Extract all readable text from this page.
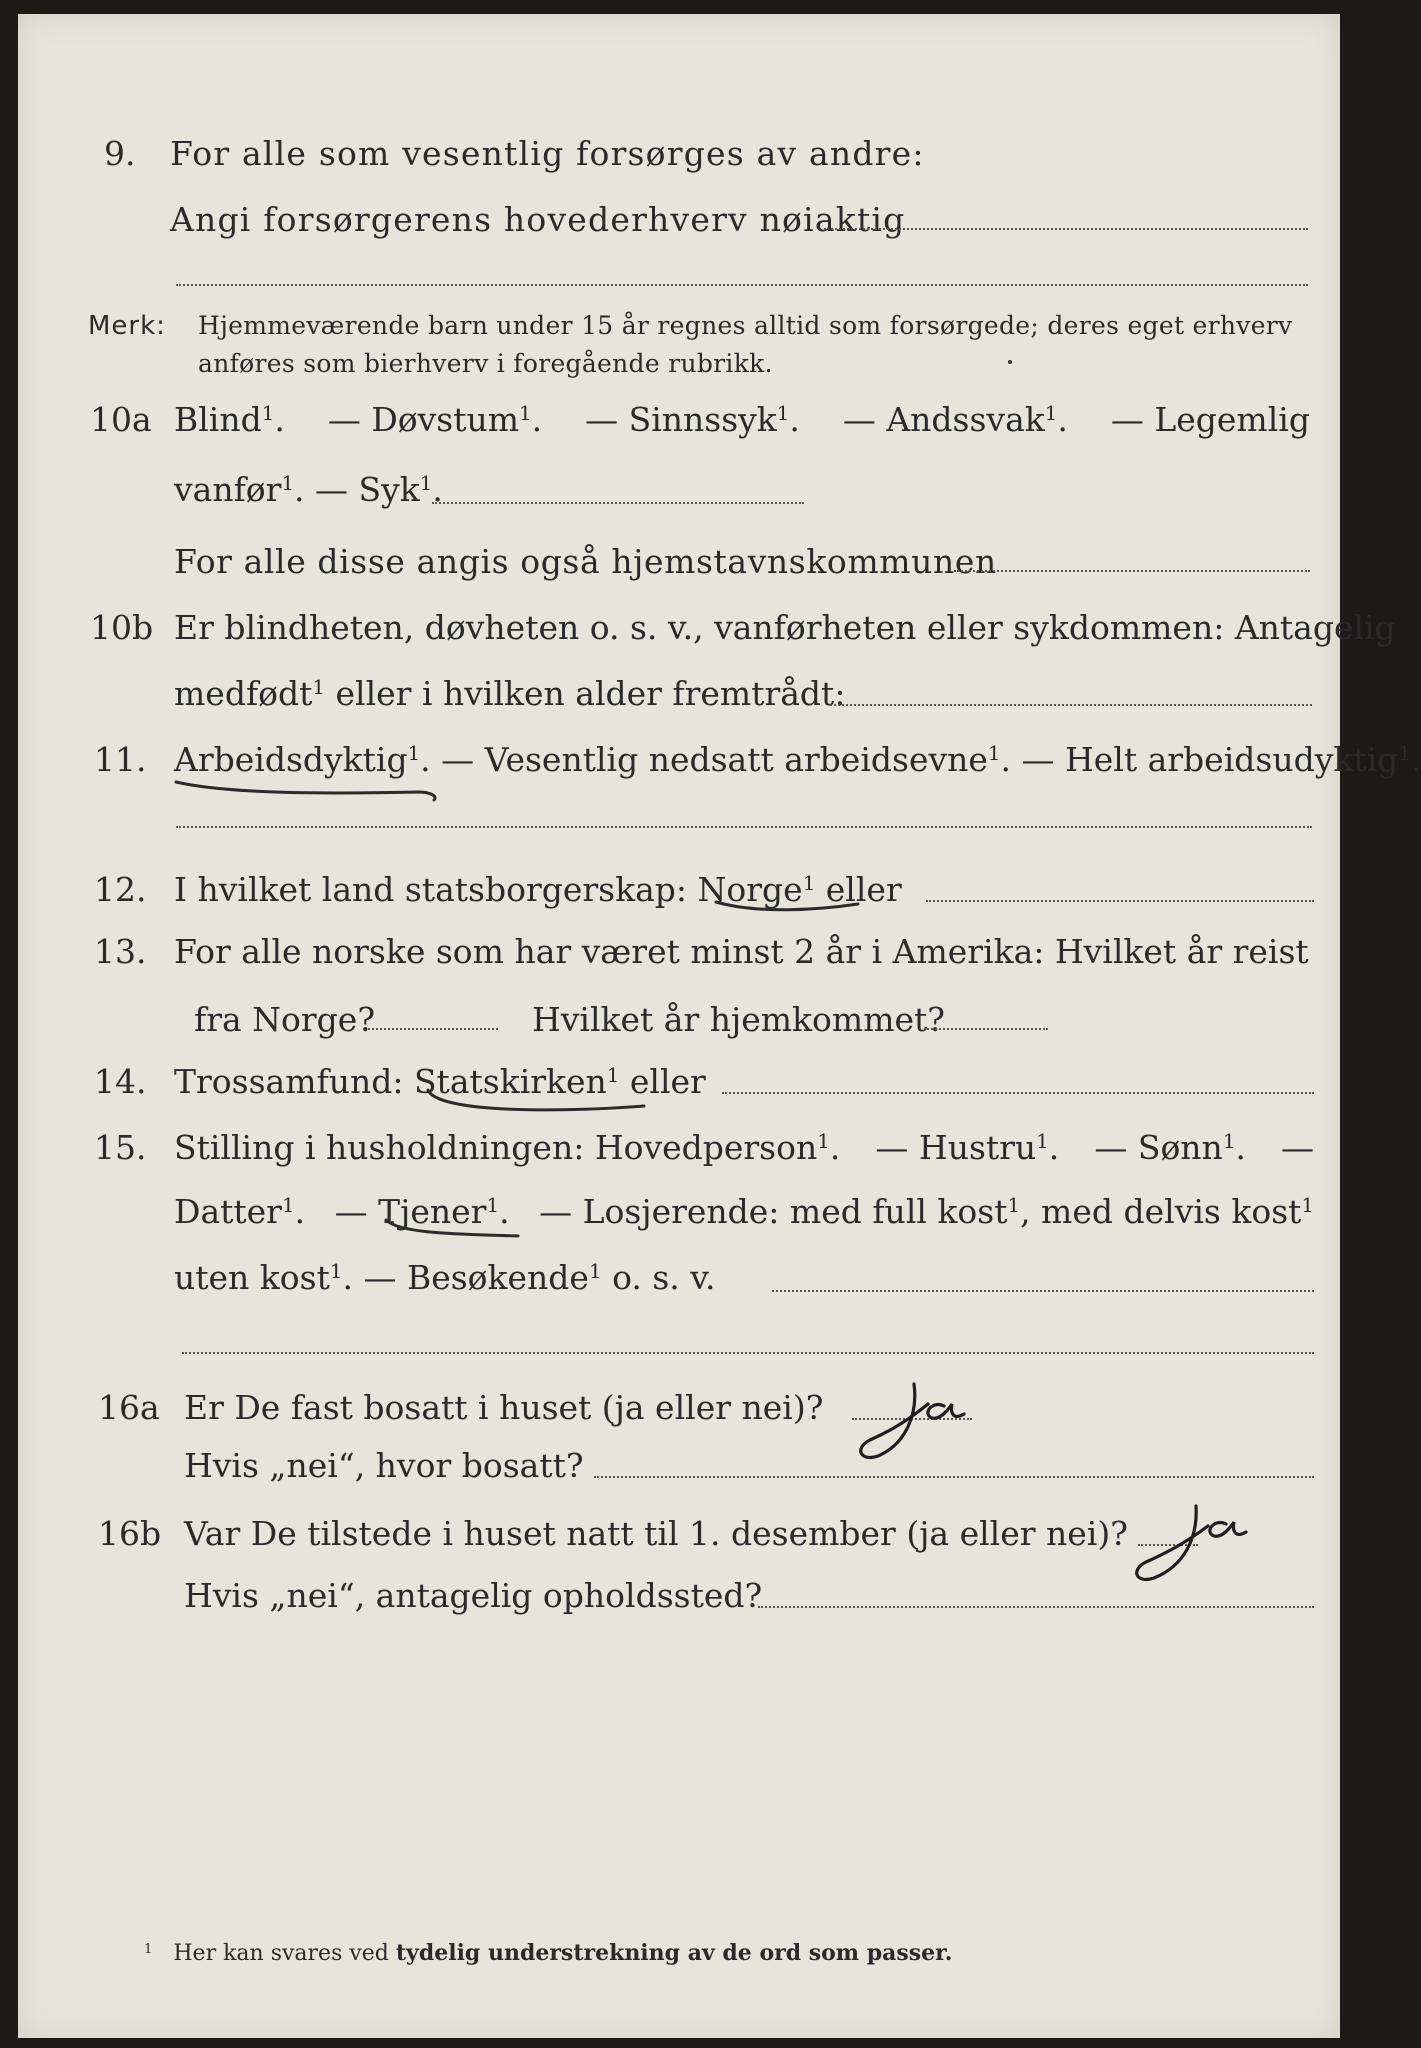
9. For alle som vesentlig forsørges av andre:
Angi forsørgerens hovederhverv nøiaktig
Merk: Hjemmeværende barn under 15 år regnes alltid som forsørgede; deres eget erhverv
anføres som bierhverv i foregående rubrikk.
10a Blind$^1$. — Døvstum$^1$. — Sinnssyk$^1$. — Andssvak$^1$. — Legemlig
vanfør$^1$. — Syk$^1$.
For alle disse angis også hjemstavnskommunen
10b Er blindheten, døvheten o. s. v., vanførheten eller sykdommen: Antagelig
medfødt$^1$ eller i hvilken alder fremtrådt:
11. Arbeidsdyktig$^1$. — Vesentlig nedsatt arbeidsevne$^1$. — Helt arbeidsudyktig$^1$.
12. I hvilket land statsborgerskap: Norge$^1$ eller
13. For alle norske som har været minst 2 år i Amerika: Hvilket år reist
fra Norge?	Hvilket år hjemkommet?
14. Trossamfund: Statskirken$^1$ eller
15. Stilling i husholdningen: Hovedperson$^1$. — Hustru$^1$. — Sønn$^1$. —
Datter$^1$. — Tjener$^1$. — Losjerende: med full kost$^1$, med delvis kost$^1$
uten kost$^1$. — Besøkende$^1$ o. s. v.
16a Er De fast bosatt i huset (ja eller nei)?
Hvis „nei“, hvor bosatt?
16b Var De tilstede i huset natt til 1. desember (ja eller nei)?
Hvis „nei“, antagelig opholdssted?
$^1$ Her kan svares ved tydelig understrekning av de ord som passer.
